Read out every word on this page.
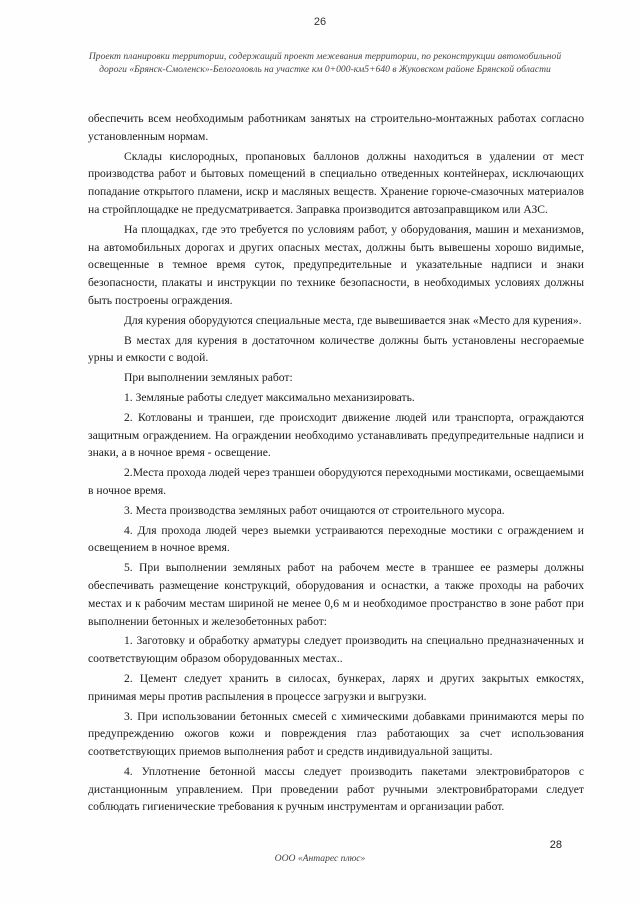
26
Проект планировки территории, содержащий проект межевания территории, по реконструкции автомобильной дороги «Брянск-Смоленск»-Белоголовль на участке км 0+000-км5+640 в Жуковском районе Брянской области

обеспечить всем необходимым работникам занятых на строительно-монтажных работах согласно установленным нормам.

Склады кислородных, пропановых баллонов должны находиться в удалении от мест производства работ и бытовых помещений в специально отведенных контейнерах, исключающих попадание открытого пламени, искр и масляных веществ. Хранение горюче-смазочных материалов на стройплощадке не предусматривается. Заправка производится автозаправщиком или АЗС.

На площадках, где это требуется по условиям работ, у оборудования, машин и механизмов, на автомобильных дорогах и других опасных местах, должны быть вывешены хорошо видимые, освещенные в темное время суток, предупредительные и указательные надписи и знаки безопасности, плакаты и инструкции по технике безопасности, в необходимых условиях должны быть построены ограждения.

Для курения оборудуются специальные места, где вывешивается знак «Место для курения».

В местах для курения в достаточном количестве должны быть установлены несгораемые урны и емкости с водой.

При выполнении земляных работ:

1. Земляные работы следует максимально механизировать.

2. Котлованы и траншеи, где происходит движение людей или транспорта, ограждаются защитным ограждением. На ограждении необходимо устанавливать предупредительные надписи и знаки, а в ночное время - освещение.

2.Места прохода людей через траншеи оборудуются переходными мостиками, освещаемыми в ночное время.

3. Места производства земляных работ очищаются от строительного мусора.

4. Для прохода людей через выемки устраиваются переходные мостики с ограждением и освещением в ночное время.

5. При выполнении земляных работ на рабочем месте в траншее ее размеры должны обеспечивать размещение конструкций, оборудования и оснастки, а также проходы на рабочих местах и к рабочим местам шириной не менее 0,6 м и необходимое пространство в зоне работ при выполнении бетонных и железобетонных работ:

1. Заготовку и обработку арматуры следует производить на специально предназначенных и соответствующим образом оборудованных местах..

2. Цемент следует хранить в силосах, бункерах, ларях и других закрытых емкостях, принимая меры против распыления в процессе загрузки и выгрузки.

3. При использовании бетонных смесей с химическими добавками принимаются меры по предупреждению ожогов кожи и повреждения глаз работающих за счет использования соответствующих приемов выполнения работ и средств индивидуальной защиты.

4. Уплотнение бетонной массы следует производить пакетами электровибраторов с дистанционным управлением. При проведении работ ручными электровибраторами следует соблюдать гигиенические требования к ручным инструментам и организации работ.

28
ООО «Антарес плюс»
